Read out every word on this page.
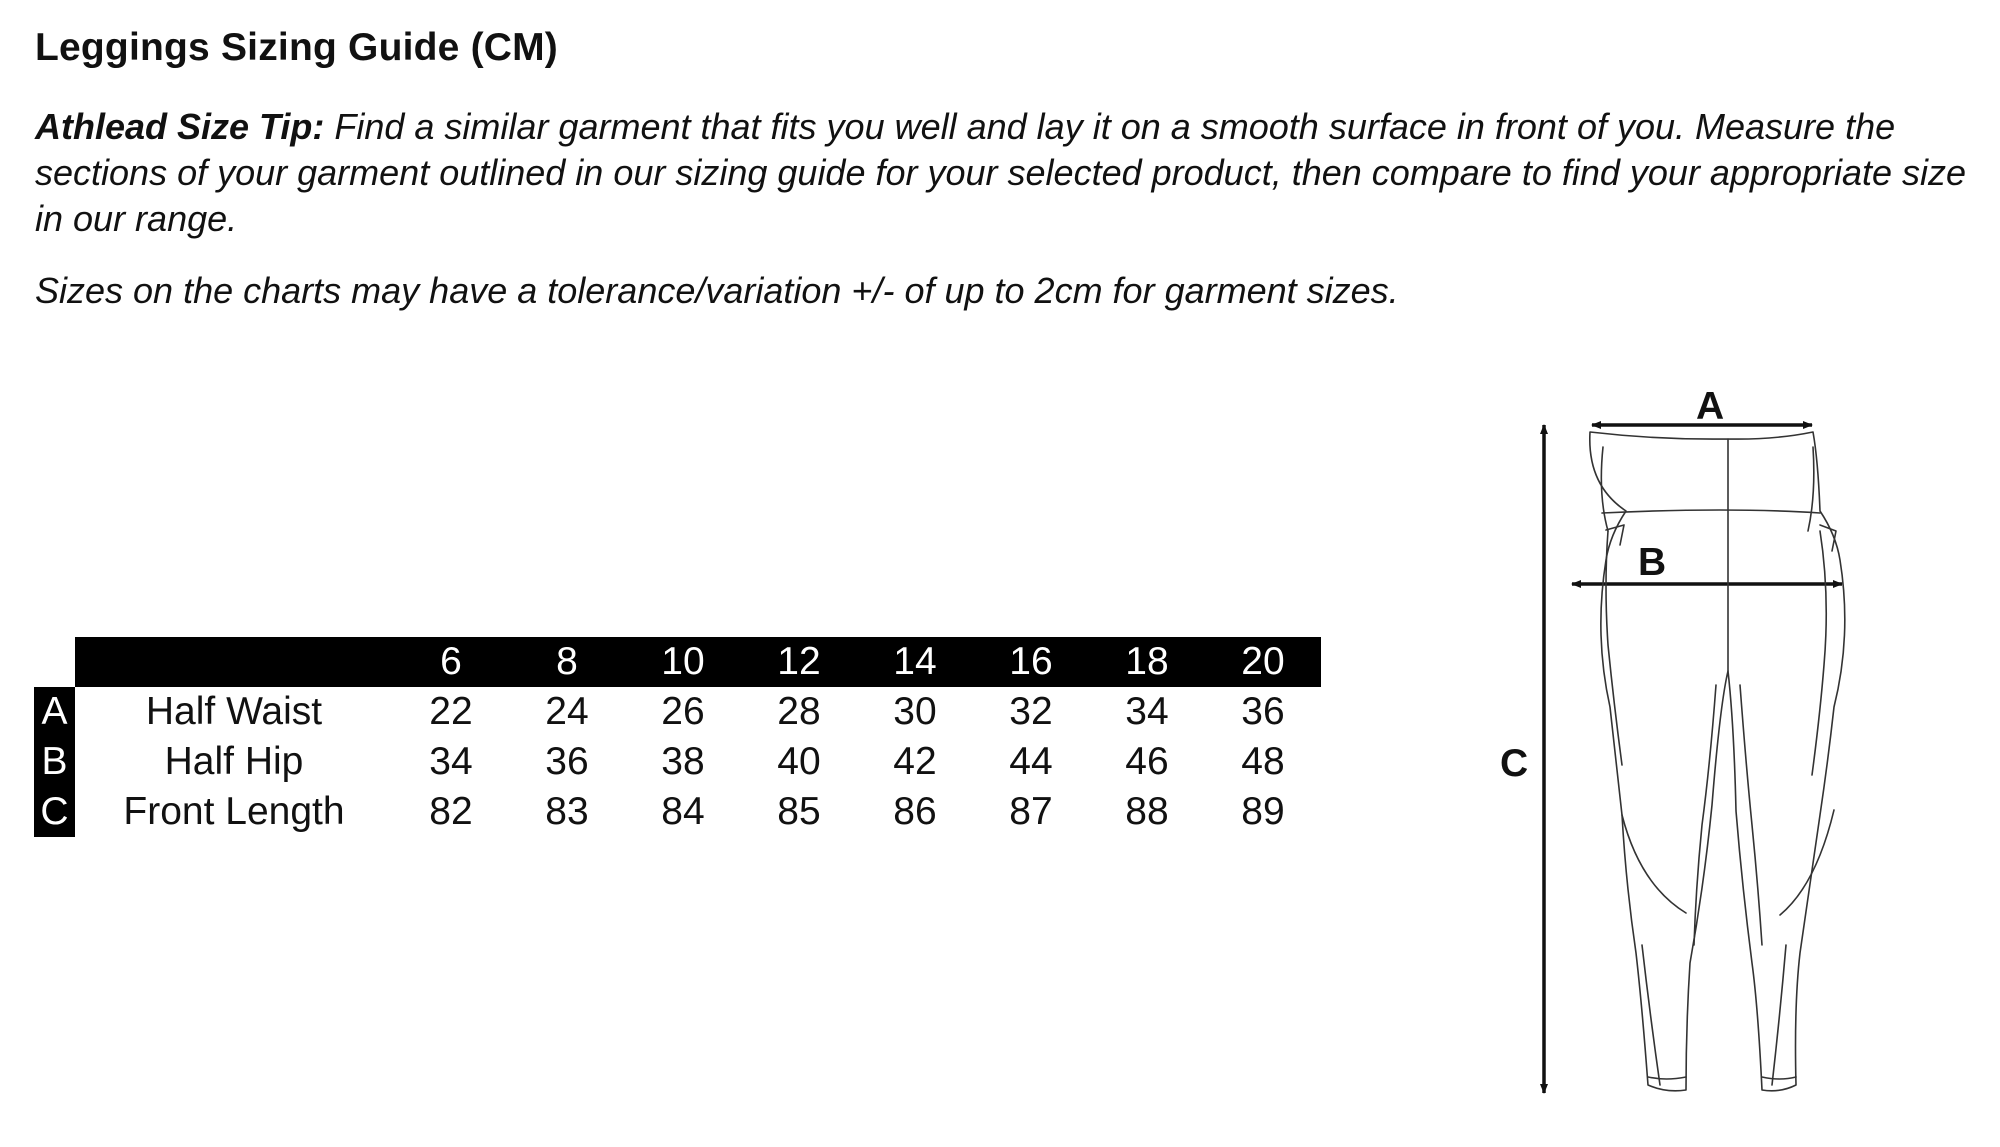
Leggings Sizing Guide (CM)
Athlead Size Tip: Find a similar garment that fits you well and lay it on a smooth surface in front of you. Measure the sections of your garment outlined in our sizing guide for your selected product, then compare to find your appropriate size in our range.
Sizes on the charts may have a tolerance/variation +/- of up to 2cm for garment sizes.
		6	8	10	12	14	16	18	20
A	Half Waist	22	24	26	28	30	32	34	36
B	Half Hip	34	36	38	40	42	44	46	48
C	Front Length	82	83	84	85	86	87	88	89
A
B
C
